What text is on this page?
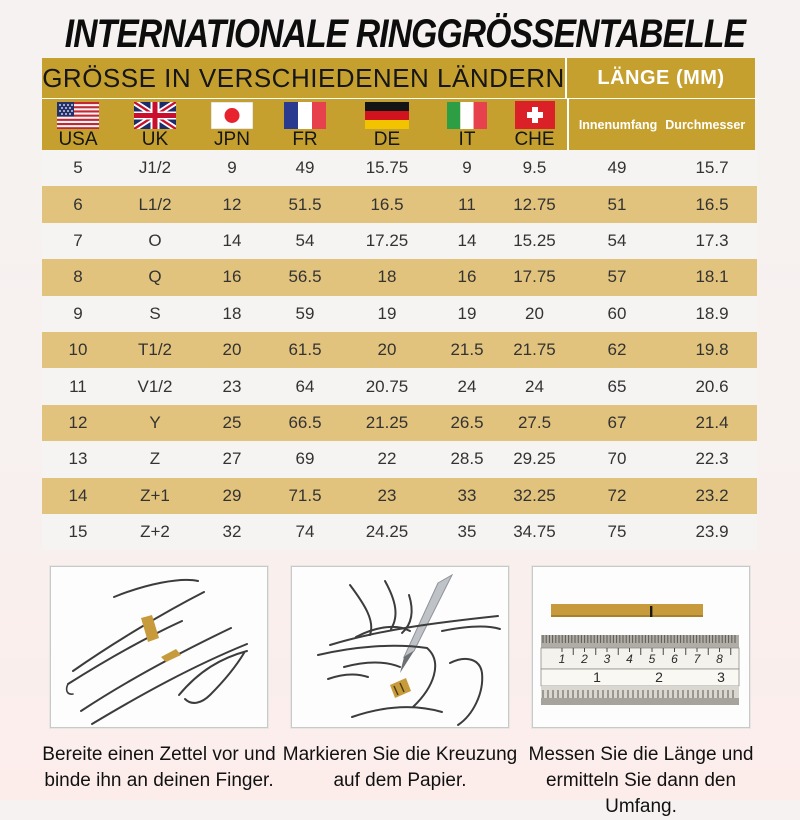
INTERNATIONALE RINGGRÖSSENTABELLE
GRÖSSE IN VERSCHIEDENEN LÄNDERN	LÄNGE (MM)
USA UK JPN FR	DE	IT CHE
Innenumfang Durchmesser
5	J1/2	9	49	15.75	9	9.5	49	15.7
6	L1/2	12	51.5	16.5	11	12.75	51	16.5
7	O	14	54	17.25	14	15.25	54	17.3
8	Q	16	56.5	18	16	17.75	57	18.1
9	S	18	59	19	19	20	60	18.9
10	T1/2	20	61.5	20	21.5	21.75	62	19.8
11	V1/2	23	64	20.75	24	24	65	20.6
12	Y	25	66.5	21.25	26.5	27.5	67	21.4
13	Z	27	69	22	28.5	29.25	70	22.3
14	Z+1	29	71.5	23	33	32.25	72	23.2
15	Z+2	32	74	24.25	35	34.75	75	23.9

Bereite einen Zettel vor und binde ihn an deinen Finger.

Markieren Sie die Kreuzung auf dem Papier.

1 2 3 4 5 6 7 8
1	2	3

Messen Sie die Länge und ermitteln Sie dann den Umfang.
